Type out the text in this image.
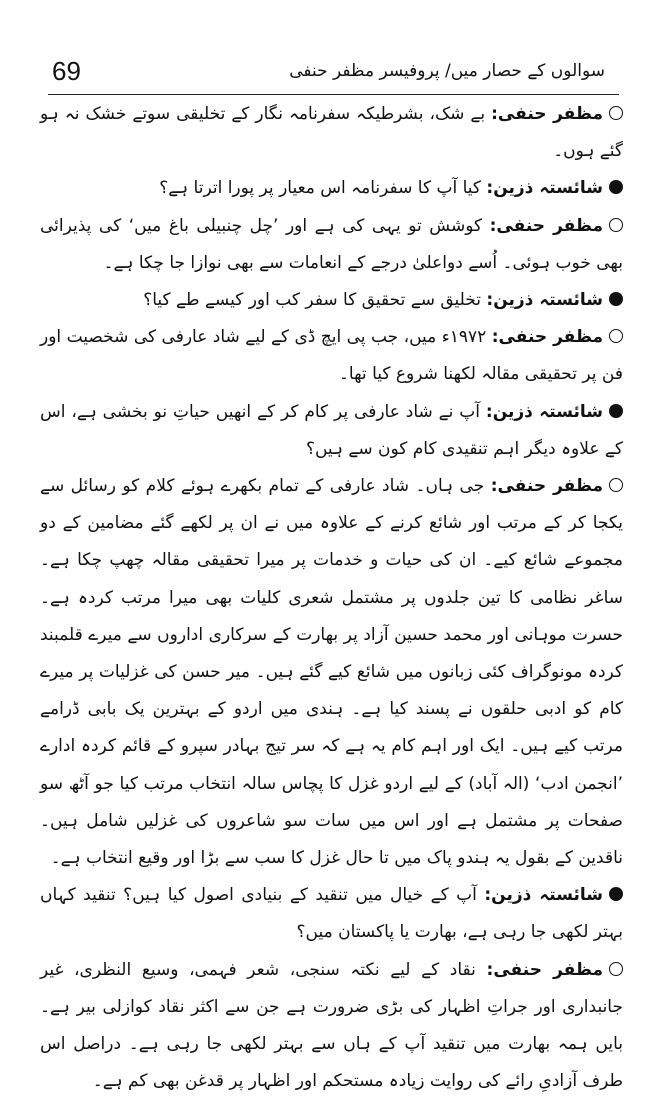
69	سوالوں کے حصار میں/ پروفیسر مظفر حنفی

مظفر حنفی: بے شک، بشرطیکہ سفرنامہ نگار کے تخلیقی سوتے خشک نہ ہو گئے ہوں۔

شائستہ ذزین: کیا آپ کا سفرنامہ اس معیار پر پورا اترتا ہے؟

مظفر حنفی: کوشش تو یہی کی ہے اور ’چل چنبیلی باغ میں‘ کی پذیرائی بھی خوب ہوئی۔ اُسے دواعلیٰ درجے کے انعامات سے بھی نوازا جا چکا ہے۔

شائستہ ذزین: تخلیق سے تحقیق کا سفر کب اور کیسے طے کیا؟

مظفر حنفی: ۱۹۷۲ء میں، جب پی ایچ ڈی کے لیے شاد عارفی کی شخصیت اور فن پر تحقیقی مقالہ لکھنا شروع کیا تھا۔

شائستہ ذزین: آپ نے شاد عارفی پر کام کر کے انھیں حیاتِ نو بخشی ہے، اس کے علاوہ دیگر اہم تنقیدی کام کون سے ہیں؟

مظفر حنفی: جی ہاں۔ شاد عارفی کے تمام بکھرے ہوئے کلام کو رسائل سے یکجا کر کے مرتب اور شائع کرنے کے علاوہ میں نے ان پر لکھے گئے مضامین کے دو مجموعے شائع کیے۔ ان کی حیات و خدمات پر میرا تحقیقی مقالہ چھپ چکا ہے۔ ساغر نظامی کا تین جلدوں پر مشتمل شعری کلیات بھی میرا مرتب کردہ ہے۔ حسرت موہانی اور محمد حسین آزاد پر بھارت کے سرکاری اداروں سے میرے قلمبند کردہ مونوگراف کئی زبانوں میں شائع کیے گئے ہیں۔ میر حسن کی غزلیات پر میرے کام کو ادبی حلقوں نے پسند کیا ہے۔ ہندی میں اردو کے بہترین یک بابی ڈرامے مرتب کیے ہیں۔ ایک اور اہم کام یہ ہے کہ سر تیج بہادر سپرو کے قائم کردہ ادارے ’انجمن ادب‘ (الہ آباد) کے لیے اردو غزل کا پچاس سالہ انتخاب مرتب کیا جو آٹھ سو صفحات پر مشتمل ہے اور اس میں سات سو شاعروں کی غزلیں شامل ہیں۔ ناقدین کے بقول یہ ہندو پاک میں تا حال غزل کا سب سے بڑا اور وقیع انتخاب ہے۔

شائستہ ذزین: آپ کے خیال میں تنقید کے بنیادی اصول کیا ہیں؟ تنقید کہاں بہتر لکھی جا رہی ہے، بھارت یا پاکستان میں؟

مظفر حنفی: نقاد کے لیے نکتہ سنجی، شعر فہمی، وسیع النظری، غیر جانبداری اور جراتِ اظہار کی بڑی ضرورت ہے جن سے اکثر نقاد کوازلی بیر ہے۔ بایں ہمہ بھارت میں تنقید آپ کے ہاں سے بہتر لکھی جا رہی ہے۔ دراصل اس طرف آزادیِ رائے کی روایت زیادہ مستحکم اور اظہار پر قدغن بھی کم ہے۔
